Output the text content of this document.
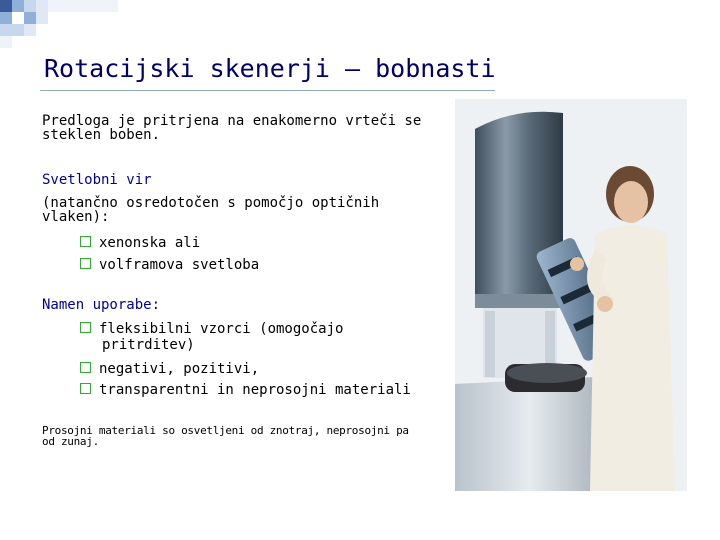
Rotacijski skenerji – bobnasti
Predloga je pritrjena na enakomerno vrteči se steklen boben.
Svetlobni vir
(natančno osredotočen s pomočjo optičnih vlaken):
xenonska ali
volframova svetloba
Namen uporabe:
fleksibilni vzorci (omogočajo
pritrditev)
negativi, pozitivi,
transparentni in neprosojni materiali
Prosojni materiali so osvetljeni od znotraj, neprosojni pa od zunaj.
